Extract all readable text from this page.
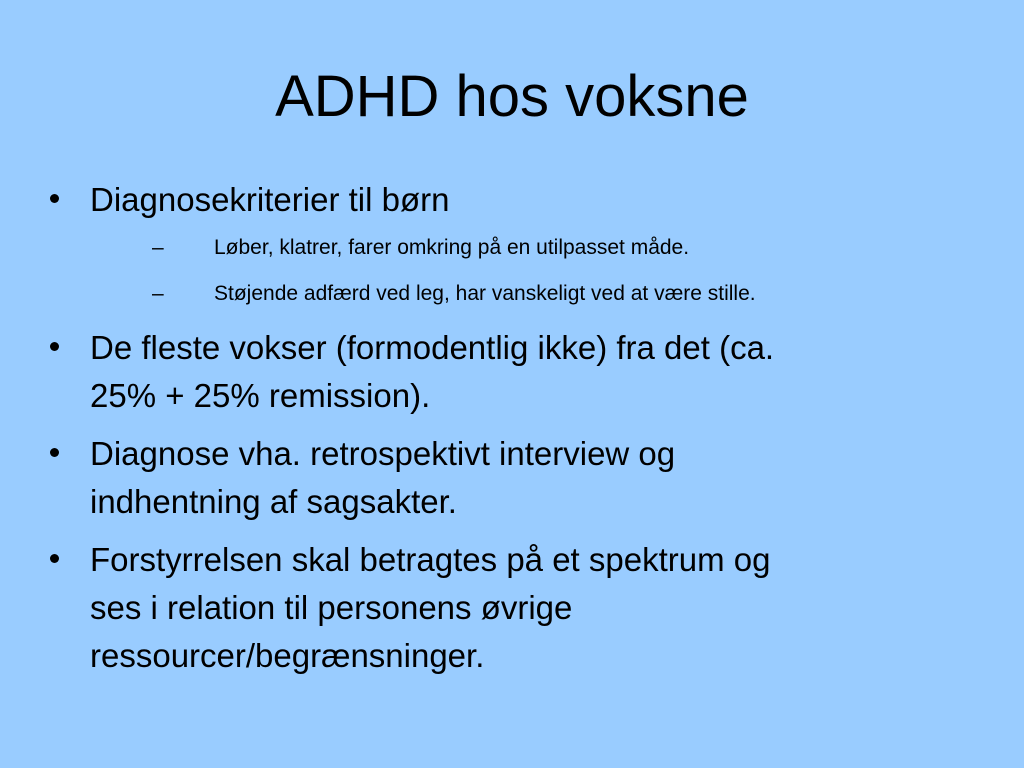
ADHD hos voksne
Diagnosekriterier til børn
– Løber, klatrer, farer omkring på en utilpasset måde.
– Støjende adfærd ved leg, har vanskeligt ved at være stille.
De fleste vokser (formodentlig ikke) fra det (ca.
25% + 25% remission).
Diagnose vha. retrospektivt interview og
indhentning af sagsakter.
Forstyrrelsen skal betragtes på et spektrum og
ses i relation til personens øvrige
ressourcer/begrænsninger.
